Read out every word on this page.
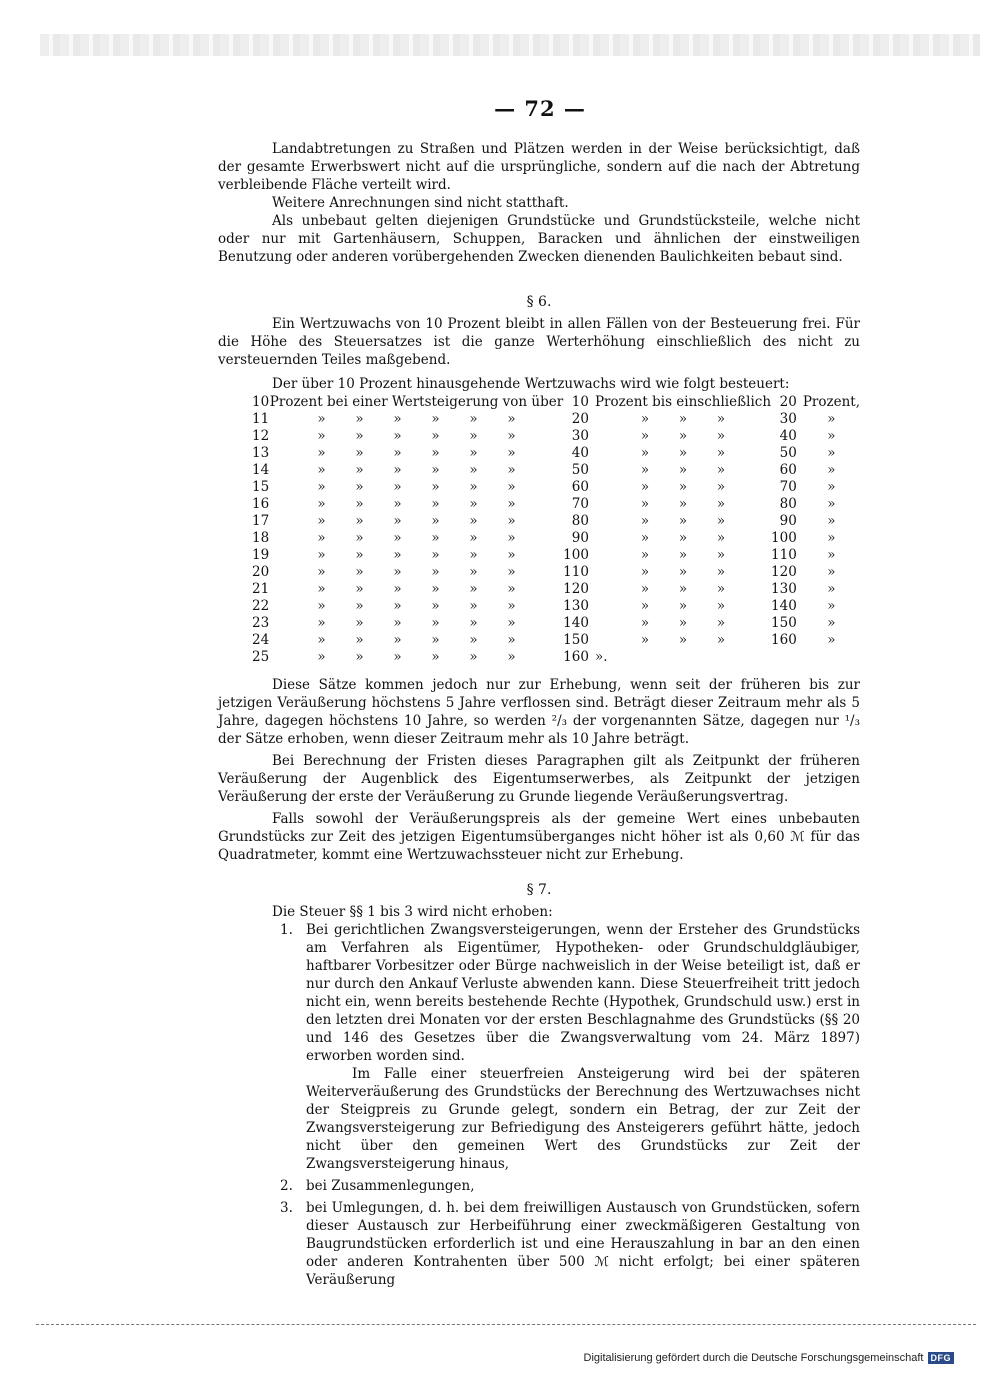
— 72 —

Landabtretungen zu Straßen und Plätzen werden in der Weise berücksichtigt, daß der gesamte Erwerbswert nicht auf die ursprüngliche, sondern auf die nach der Abtretung verbleibende Fläche verteilt wird.

Weitere Anrechnungen sind nicht statthaft.

Als unbebaut gelten diejenigen Grundstücke und Grundstücksteile, welche nicht oder nur mit Gartenhäusern, Schuppen, Baracken und ähnlichen der einstweiligen Benutzung oder anderen vorübergehenden Zwecken dienenden Baulichkeiten bebaut sind.

§ 6.

Ein Wertzuwachs von 10 Prozent bleibt in allen Fällen von der Besteuerung frei. Für die Höhe des Steuersatzes ist die ganze Werterhöhung einschließlich des nicht zu versteuernden Teiles maßgebend.

Der über 10 Prozent hinausgehende Wertzuwachs wird wie folgt besteuert:

10	Prozent bei einer Wertsteigerung von über	10	Prozent bis einschließlich	20	Prozent,
11	» » » » » »	20	» » »	30	»
12	» » » » » »	30	» » »	40	»
13	» » » » » »	40	» » »	50	»
14	» » » » » »	50	» » »	60	»
15	» » » » » »	60	» » »	70	»
16	» » » » » »	70	» » »	80	»
17	» » » » » »	80	» » »	90	»
18	» » » » » »	90	» » »	100	»
19	» » » » » »	100	» » »	110	»
20	» » » » » »	110	» » »	120	»
21	» » » » » »	120	» » »	130	»
22	» » » » » »	130	» » »	140	»
23	» » » » » »	140	» » »	150	»
24	» » » » » »	150	» » »	160	»
25	» » » » » »	160	».		

Diese Sätze kommen jedoch nur zur Erhebung, wenn seit der früheren bis zur jetzigen Veräußerung höchstens 5 Jahre verflossen sind. Beträgt dieser Zeitraum mehr als 5 Jahre, dagegen höchstens 10 Jahre, so werden ²/₃ der vorgenannten Sätze, dagegen nur ¹/₃ der Sätze erhoben, wenn dieser Zeitraum mehr als 10 Jahre beträgt.

Bei Berechnung der Fristen dieses Paragraphen gilt als Zeitpunkt der früheren Veräußerung der Augenblick des Eigentumserwerbes, als Zeitpunkt der jetzigen Veräußerung der erste der Veräußerung zu Grunde liegende Veräußerungsvertrag.

Falls sowohl der Veräußerungspreis als der gemeine Wert eines unbebauten Grundstücks zur Zeit des jetzigen Eigentumsüberganges nicht höher ist als 0,60 ℳ für das Quadratmeter, kommt eine Wertzuwachssteuer nicht zur Erhebung.

§ 7.

Die Steuer §§ 1 bis 3 wird nicht erhoben:

1. Bei gerichtlichen Zwangsversteigerungen, wenn der Ersteher des Grundstücks am Verfahren als Eigentümer, Hypotheken- oder Grundschuldgläubiger, haftbarer Vorbesitzer oder Bürge nachweislich in der Weise beteiligt ist, daß er nur durch den Ankauf Verluste abwenden kann. Diese Steuerfreiheit tritt jedoch nicht ein, wenn bereits bestehende Rechte (Hypothek, Grundschuld usw.) erst in den letzten drei Monaten vor der ersten Beschlagnahme des Grundstücks (§§ 20 und 146 des Gesetzes über die Zwangsverwaltung vom 24. März 1897) erworben worden sind.

Im Falle einer steuerfreien Ansteigerung wird bei der späteren Weiterveräußerung des Grundstücks der Berechnung des Wertzuwachses nicht der Steigpreis zu Grunde gelegt, sondern ein Betrag, der zur Zeit der Zwangsversteigerung zur Befriedigung des Ansteigerers geführt hätte, jedoch nicht über den gemeinen Wert des Grundstücks zur Zeit der Zwangsversteigerung hinaus,

2. bei Zusammenlegungen,

3. bei Umlegungen, d. h. bei dem freiwilligen Austausch von Grundstücken, sofern dieser Austausch zur Herbeiführung einer zweckmäßigeren Gestaltung von Baugrundstücken erforderlich ist und eine Herauszahlung in bar an den einen oder anderen Kontrahenten über 500 ℳ nicht erfolgt; bei einer späteren Veräußerung

Digitalisierung gefördert durch die Deutsche Forschungsgemeinschaft DFG
